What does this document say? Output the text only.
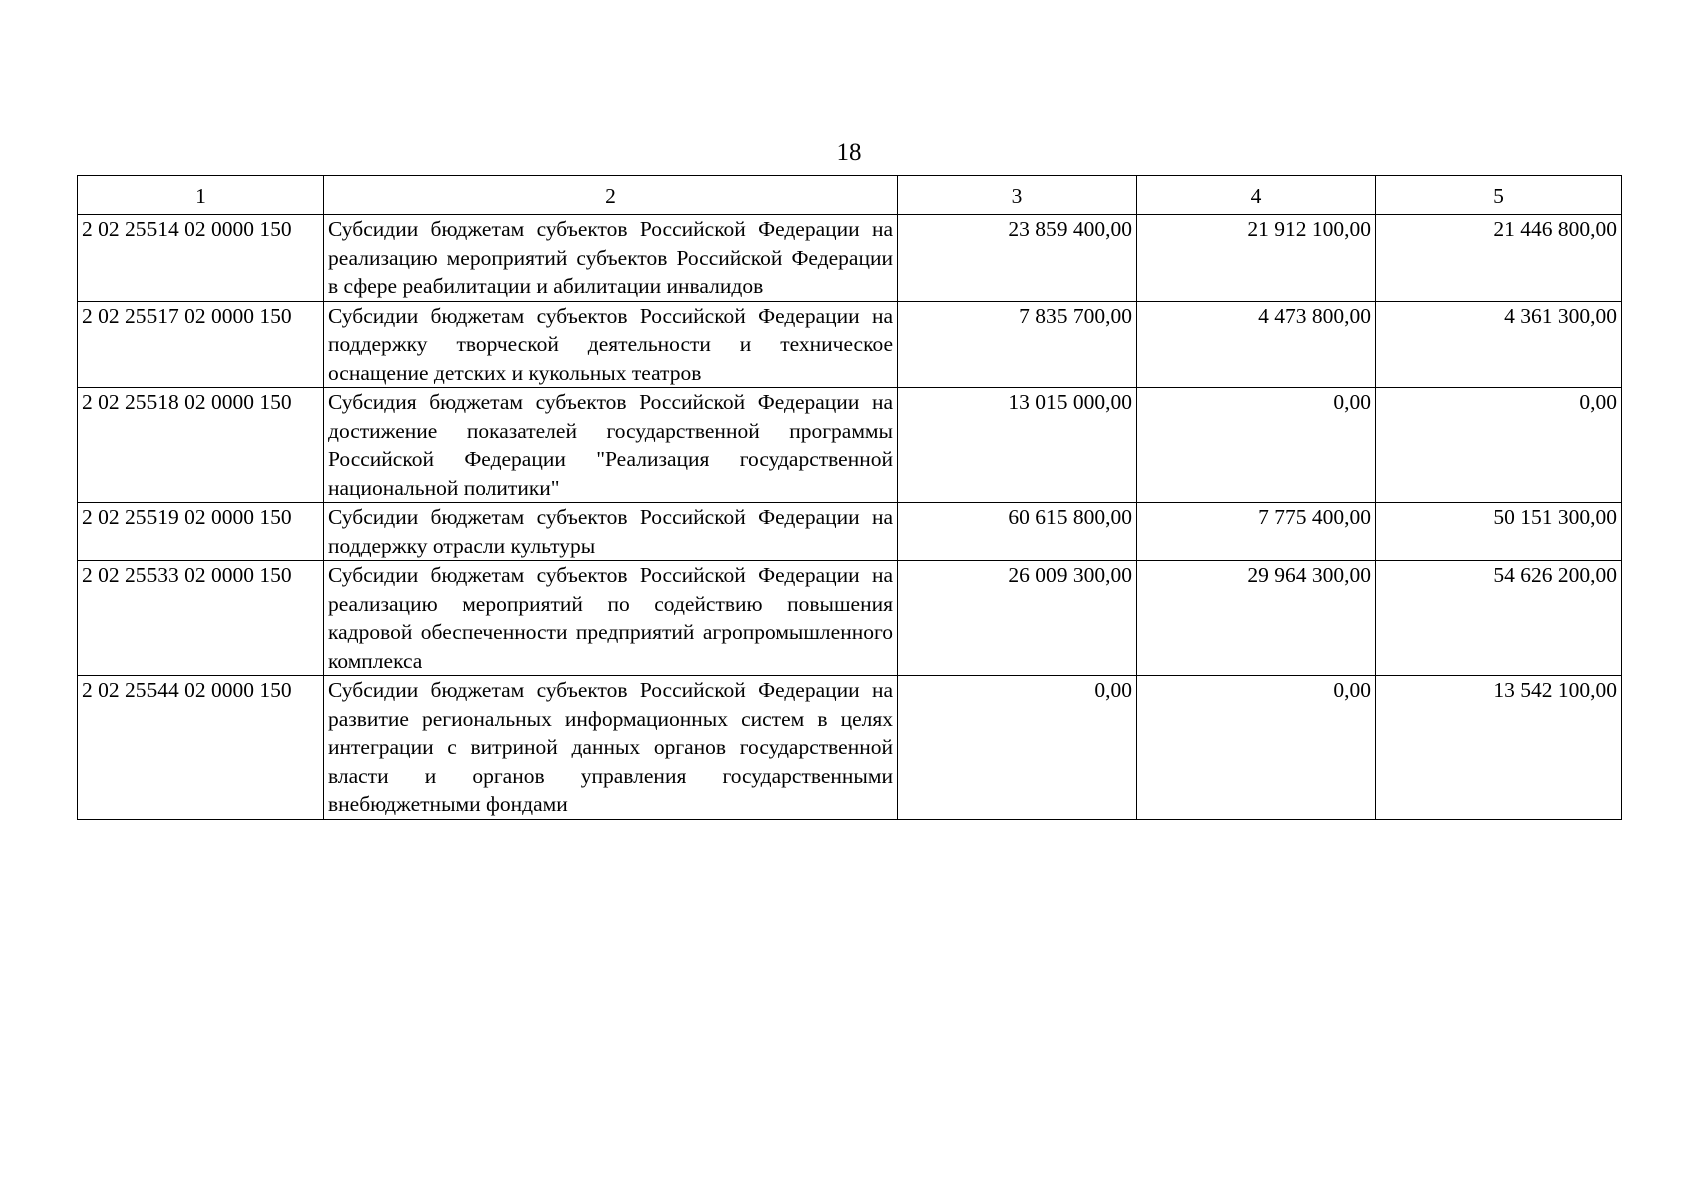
18
1	2	3	4	5
2 02 25514 02 0000 150	Субсидии бюджетам субъектов Российской Федерации на реализацию мероприятий субъектов Российской Федерации в сфере реабилитации и абилитации инвалидов	23 859 400,00	21 912 100,00	21 446 800,00
2 02 25517 02 0000 150	Субсидии бюджетам субъектов Российской Федерации на поддержку творческой деятельности и техническое оснащение детских и кукольных театров	7 835 700,00	4 473 800,00	4 361 300,00
2 02 25518 02 0000 150	Субсидия бюджетам субъектов Российской Федерации на достижение показателей государственной программы Российской Федерации "Реализация государственной национальной политики"	13 015 000,00	0,00	0,00
2 02 25519 02 0000 150	Субсидии бюджетам субъектов Российской Федерации на поддержку отрасли культуры	60 615 800,00	7 775 400,00	50 151 300,00
2 02 25533 02 0000 150	Субсидии бюджетам субъектов Российской Федерации на реализацию мероприятий по содействию повышения кадровой обеспеченности предприятий агропромышленного комплекса	26 009 300,00	29 964 300,00	54 626 200,00
2 02 25544 02 0000 150	Субсидии бюджетам субъектов Российской Федерации на развитие региональных информационных систем в целях интеграции с витриной данных органов государственной власти и органов управления государственными внебюджетными фондами	0,00	0,00	13 542 100,00
